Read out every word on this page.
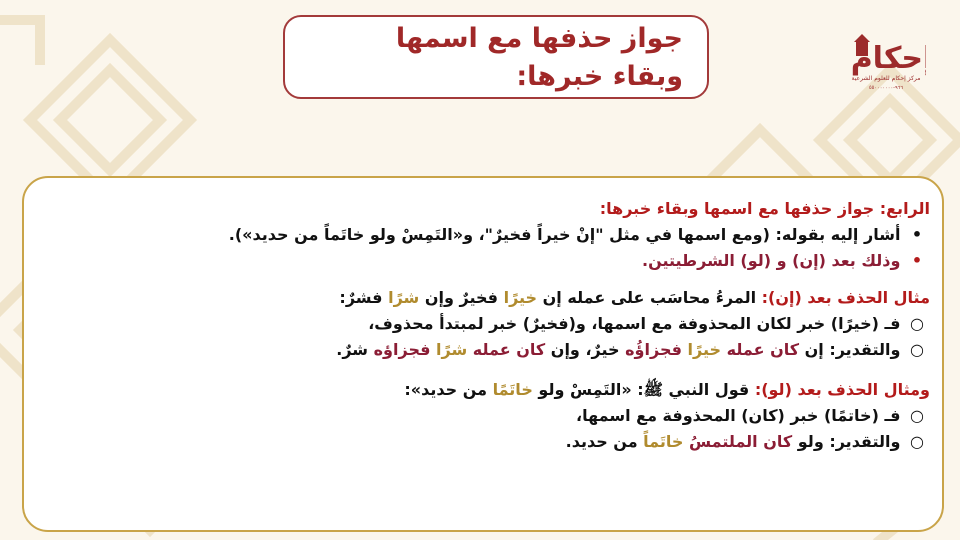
جواز حذفها مع اسمها
وبقاء خبرها:
إحكام
مركز إحكام للعلوم الشرعية
٩٦٦-٥٥٠٠٠٠٠٠٠
الرابع: جواز حذفها مع اسمها وبقاء خبرها:
• أشار إليه بقوله: (ومع اسمها في مثل "إنْ خيراً فخيرٌ"، و«التَمِسْ ولو خاتَماً من حديد»).
• وذلك بعد (إن) و (لو) الشرطيتين.
مثال الحذف بعد (إن): المرءُ محاسَب على عمله إن خيرًا فخيرٌ وإن شرًا فشرٌ:
○ فـ (خيرًا) خبر لكان المحذوفة مع اسمها، و(فخيرٌ) خبر لمبتدأ محذوف،
○ والتقدير: إن كان عمله خيرًا فجزاؤُه خيرٌ، وإن كان عمله شرًا فجزاؤه شرٌ.
ومثال الحذف بعد (لو): قول النبي ﷺ: «التَمِسْ ولو خاتَمًا من حديد»:
○ فـ (خاتمًا) خبر (كان) المحذوفة مع اسمها،
○ والتقدير: ولو كان الملتمسُ خاتَماً من حديد.
